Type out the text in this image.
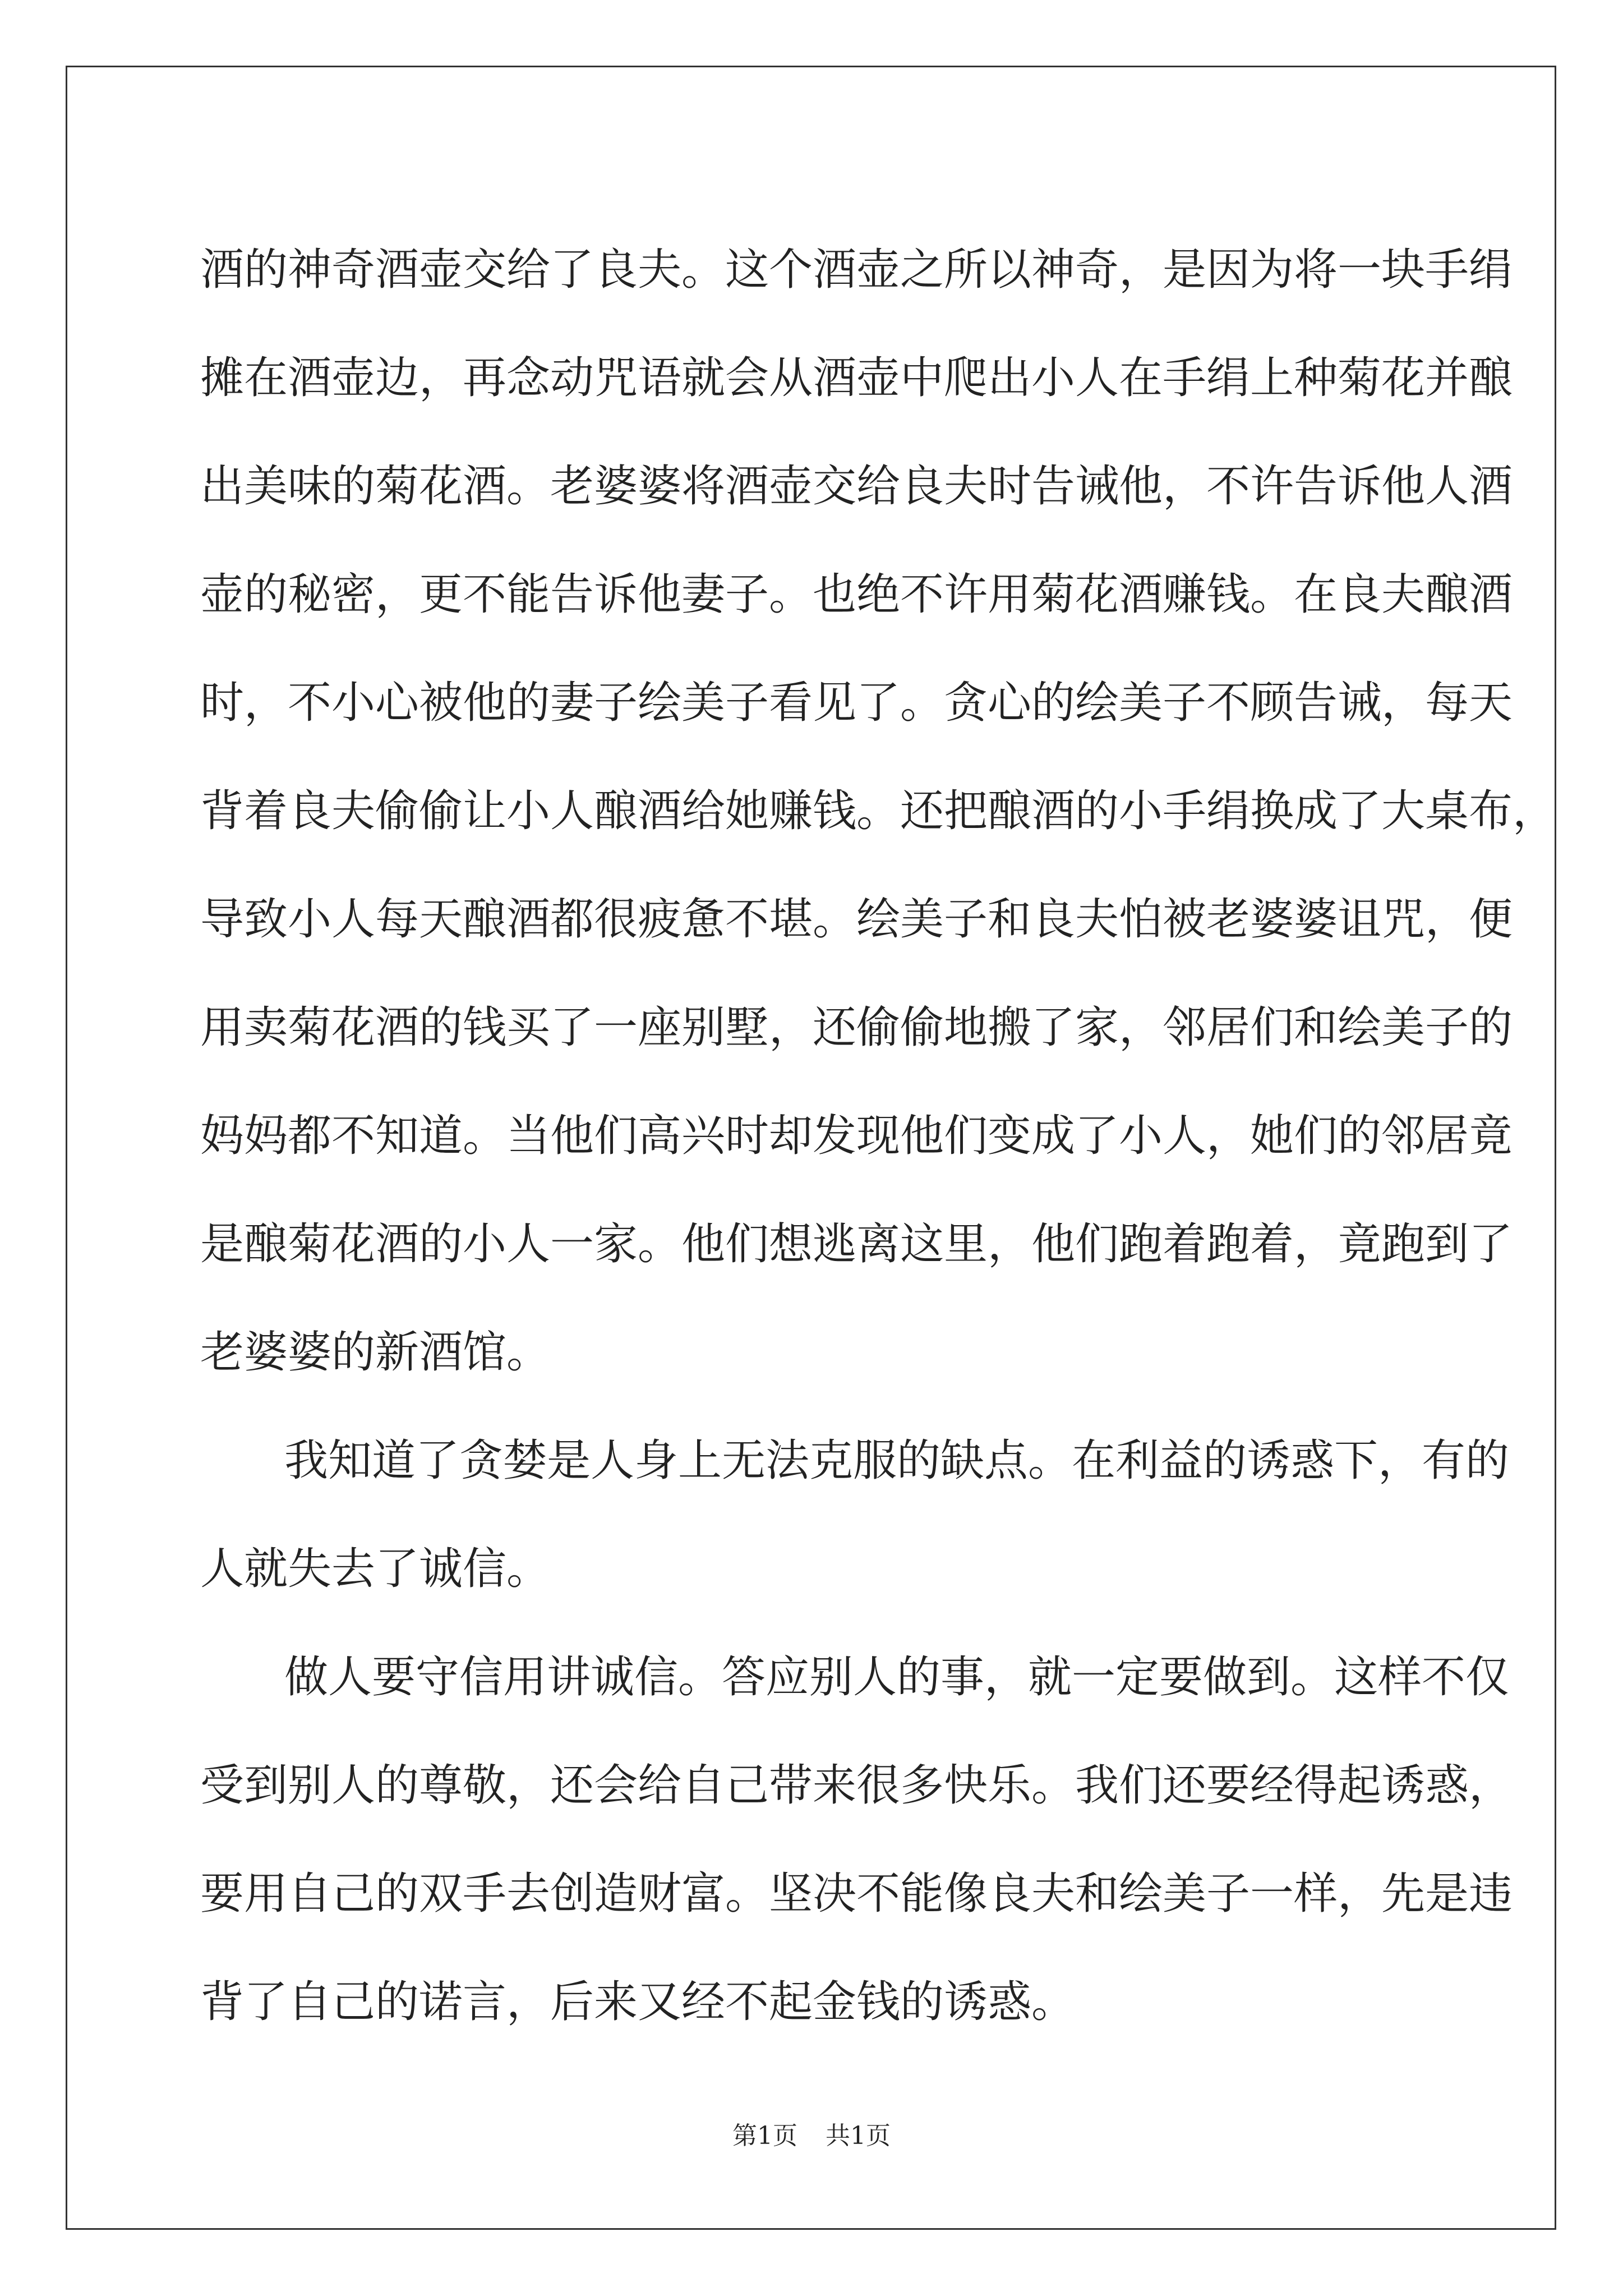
酒的神奇酒壶交给了良夫。这个酒壶之所以神奇，是因为将一块手绢
摊在酒壶边，再念动咒语就会从酒壶中爬出小人在手绢上种菊花并酿
出美味的菊花酒。老婆婆将酒壶交给良夫时告诫他，不许告诉他人酒
壶的秘密，更不能告诉他妻子。也绝不许用菊花酒赚钱。在良夫酿酒
时，不小心被他的妻子绘美子看见了。贪心的绘美子不顾告诫，每天
背着良夫偷偷让小人酿酒给她赚钱。还把酿酒的小手绢换成了大桌布，
导致小人每天酿酒都很疲惫不堪。绘美子和良夫怕被老婆婆诅咒，便
用卖菊花酒的钱买了一座别墅，还偷偷地搬了家，邻居们和绘美子的
妈妈都不知道。当他们高兴时却发现他们变成了小人，她们的邻居竟
是酿菊花酒的小人一家。他们想逃离这里，他们跑着跑着，竟跑到了
老婆婆的新酒馆。

我知道了贪婪是人身上无法克服的缺点。在利益的诱惑下，有的
人就失去了诚信。

做人要守信用讲诚信。答应别人的事，就一定要做到。这样不仅
受到别人的尊敬，还会给自己带来很多快乐。我们还要经得起诱惑，
要用自己的双手去创造财富。坚决不能像良夫和绘美子一样，先是违
背了自己的诺言，后来又经不起金钱的诱惑。

第1页 共1页
